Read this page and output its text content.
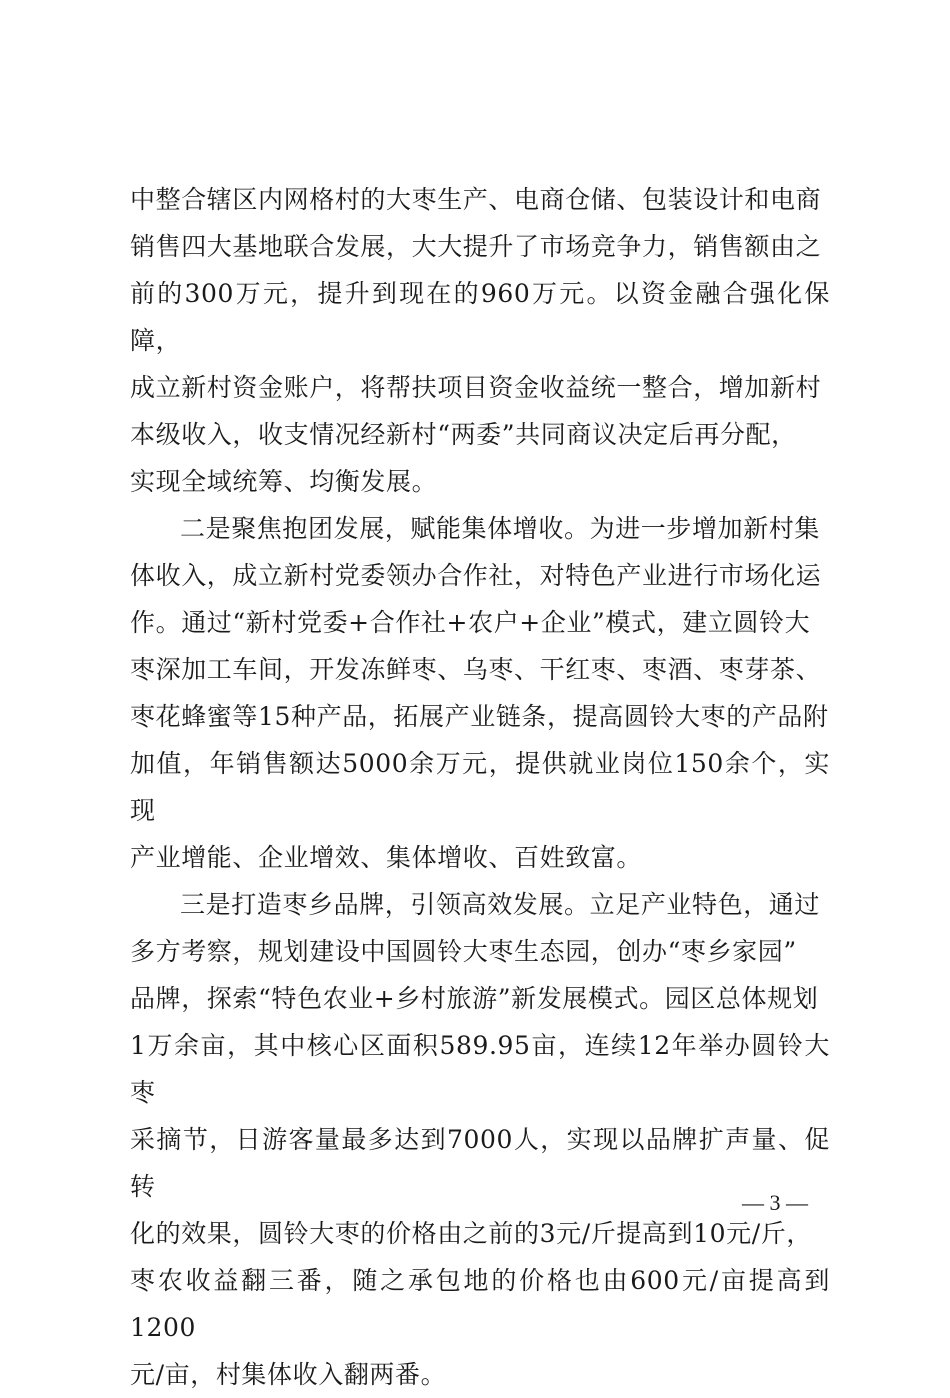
中整合辖区内网格村的大枣生产、电商仓储、包装设计和电商
销售四大基地联合发展，大大提升了市场竞争力，销售额由之
前的300万元，提升到现在的960万元。以资金融合强化保障，
成立新村资金账户，将帮扶项目资金收益统一整合，增加新村
本级收入，收支情况经新村“两委”共同商议决定后再分配，
实现全域统筹、均衡发展。

二是聚焦抱团发展，赋能集体增收。为进一步增加新村集
体收入，成立新村党委领办合作社，对特色产业进行市场化运
作。通过“新村党委+合作社+农户+企业”模式，建立圆铃大
枣深加工车间，开发冻鲜枣、乌枣、干红枣、枣酒、枣芽茶、
枣花蜂蜜等15种产品，拓展产业链条，提高圆铃大枣的产品附
加值，年销售额达5000余万元，提供就业岗位150余个，实现
产业增能、企业增效、集体增收、百姓致富。

三是打造枣乡品牌，引领高效发展。立足产业特色，通过
多方考察，规划建设中国圆铃大枣生态园，创办“枣乡家园”
品牌，探索“特色农业+乡村旅游”新发展模式。园区总体规划
1万余亩，其中核心区面积589.95亩，连续12年举办圆铃大枣
采摘节，日游客量最多达到7000人，实现以品牌扩声量、促转
化的效果，圆铃大枣的价格由之前的3元/斤提高到10元/斤，
枣农收益翻三番，随之承包地的价格也由600元/亩提高到1200
元/亩，村集体收入翻两番。

— 3 —
